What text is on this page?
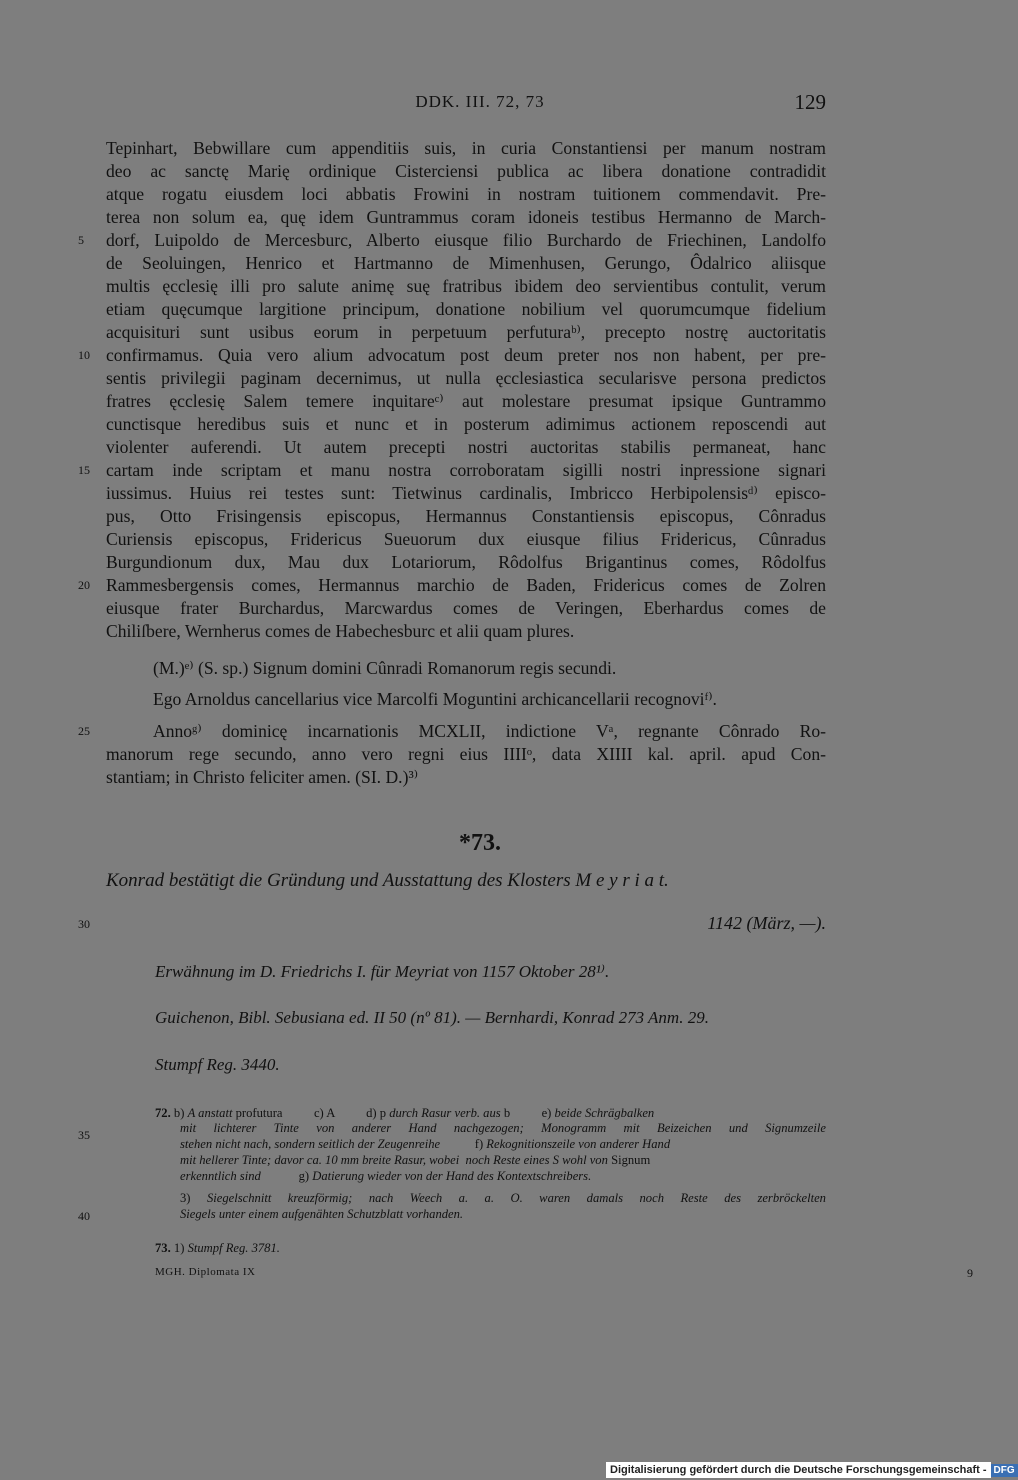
DDK. III. 72, 73	129
Tepinhart, Bebwillare cum appenditiis suis, in curia Constantiensi per manum nostram
deo ac sanctę Marię ordinique Cisterciensi publica ac libera donatione contradidit
atque rogatu eiusdem loci abbatis Frowini in nostram tuitionem commendavit. Pre-
terea non solum ea, quę idem Guntrammus coram idoneis testibus Hermanno de March-
dorf, Luipoldo de Mercesburc, Alberto eiusque filio Burchardo de Friechinen, Landolfo
de Seoluingen, Henrico et Hartmanno de Mimenhusen, Gerungo, Ôdalrico aliisque
multis ęcclesię illi pro salute animę suę fratribus ibidem deo servientibus contulit, verum
etiam quęcumque largitione principum, donatione nobilium vel quorumcumque fidelium
acquisituri sunt usibus eorum in perpetuum perfuturaᵇ⁾, precepto nostrę auctoritatis
confirmamus. Quia vero alium advocatum post deum preter nos non habent, per pre-
sentis privilegii paginam decernimus, ut nulla ęcclesiastica secularisve persona predictos
fratres ęcclesię Salem temere inquitareᶜ⁾ aut molestare presumat ipsique Guntrammo
cunctisque heredibus suis et nunc et in posterum adimimus actionem reposcendi aut
violenter auferendi. Ut autem precepti nostri auctoritas stabilis permaneat, hanc
cartam inde scriptam et manu nostra corroboratam sigilli nostri inpressione signari
iussimus. Huius rei testes sunt: Tietwinus cardinalis, Imbricco Herbipolensisᵈ⁾ episco-
pus, Otto Frisingensis episcopus, Hermannus Constantiensis episcopus, Cônradus
Curiensis episcopus, Fridericus Sueuorum dux eiusque filius Fridericus, Cûnradus
Burgundionum dux, Mau dux Lotariorum, Rôdolfus Brigantinus comes, Rôdolfus
Rammesbergensis comes, Hermannus marchio de Baden, Fridericus comes de Zolren
eiusque frater Burchardus, Marcwardus comes de Veringen, Eberhardus comes de
Chiliſbere, Wernherus comes de Habechesburc et alii quam plures.
(M.)ᵉ⁾ (S. sp.) Signum domini Cûnradi Romanorum regis secundi.
Ego Arnoldus cancellarius vice Marcolfi Moguntini archicancellarii recognoviᶠ⁾.
Annoᵍ⁾ dominicę incarnationis MCXLII, indictione Vᵃ, regnante Cônrado Ro-
manorum rege secundo, anno vero regni eius IIIIᵒ, data XIIII kal. april. apud Con-
stantiam; in Christo feliciter amen. (SI. D.)³⁾
5
10
15
20
25
30
35
40
*73.
Konrad bestätigt die Gründung und Ausstattung des Klosters M e y r i a t.
1142 (März, —).
Erwähnung im D. Friedrichs I. für Meyriat von 1157 Oktober 28¹⁾.
Guichenon, Bibl. Sebusiana ed. II 50 (nº 81). — Bernhardi, Konrad 273 Anm. 29.
Stumpf Reg. 3440.
72. b) A anstatt profutura c) A d) p durch Rasur verb. aus b e) beide Schrägbalken
mit lichterer Tinte von anderer Hand nachgezogen; Monogramm mit Beizeichen und Signumzeile
stehen nicht nach, sondern seitlich der Zeugenreihe	f) Rekognitionszeile von anderer Hand
mit hellerer Tinte; davor ca. 10 mm breite Rasur, wobei noch Reste eines S wohl von Signum
erkenntlich sind	g) Datierung wieder von der Hand des Kontextschreibers.
3) Siegelschnitt kreuzförmig; nach Weech a. a. O. waren damals noch Reste des zerbröckelten
Siegels unter einem aufgenähten Schutzblatt vorhanden.
73. 1) Stumpf Reg. 3781.
MGH. Diplomata IX	9
Digitalisierung gefördert durch die Deutsche Forschungsgemeinschaft - DFG
